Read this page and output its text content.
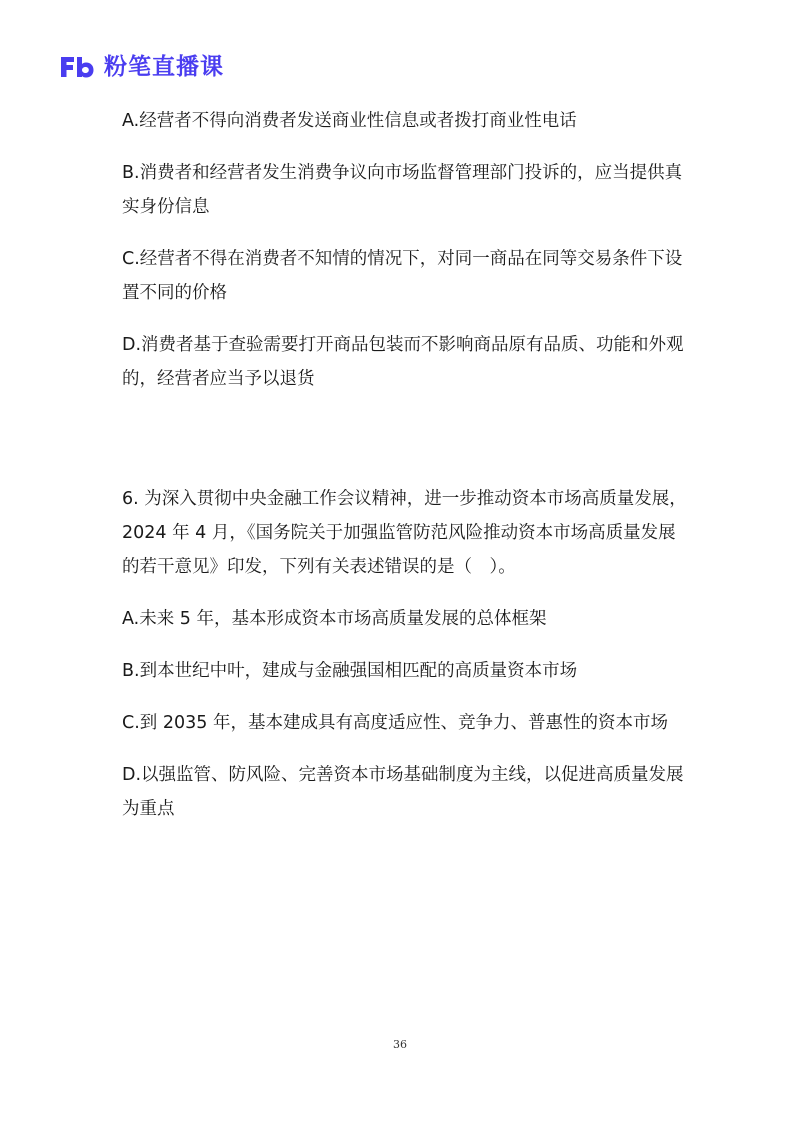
粉笔直播课

A.经营者不得向消费者发送商业性信息或者拨打商业性电话

B.消费者和经营者发生消费争议向市场监督管理部门投诉的，应当提供真实身份信息

C.经营者不得在消费者不知情的情况下，对同一商品在同等交易条件下设置不同的价格

D.消费者基于查验需要打开商品包装而不影响商品原有品质、功能和外观的，经营者应当予以退货

6. 为深入贯彻中央金融工作会议精神，进一步推动资本市场高质量发展，2024 年 4 月，《国务院关于加强监管防范风险推动资本市场高质量发展的若干意见》印发，下列有关表述错误的是（　）。

A.未来 5 年，基本形成资本市场高质量发展的总体框架

B.到本世纪中叶，建成与金融强国相匹配的高质量资本市场

C.到 2035 年，基本建成具有高度适应性、竞争力、普惠性的资本市场

D.以强监管、防风险、完善资本市场基础制度为主线，以促进高质量发展为重点

36
